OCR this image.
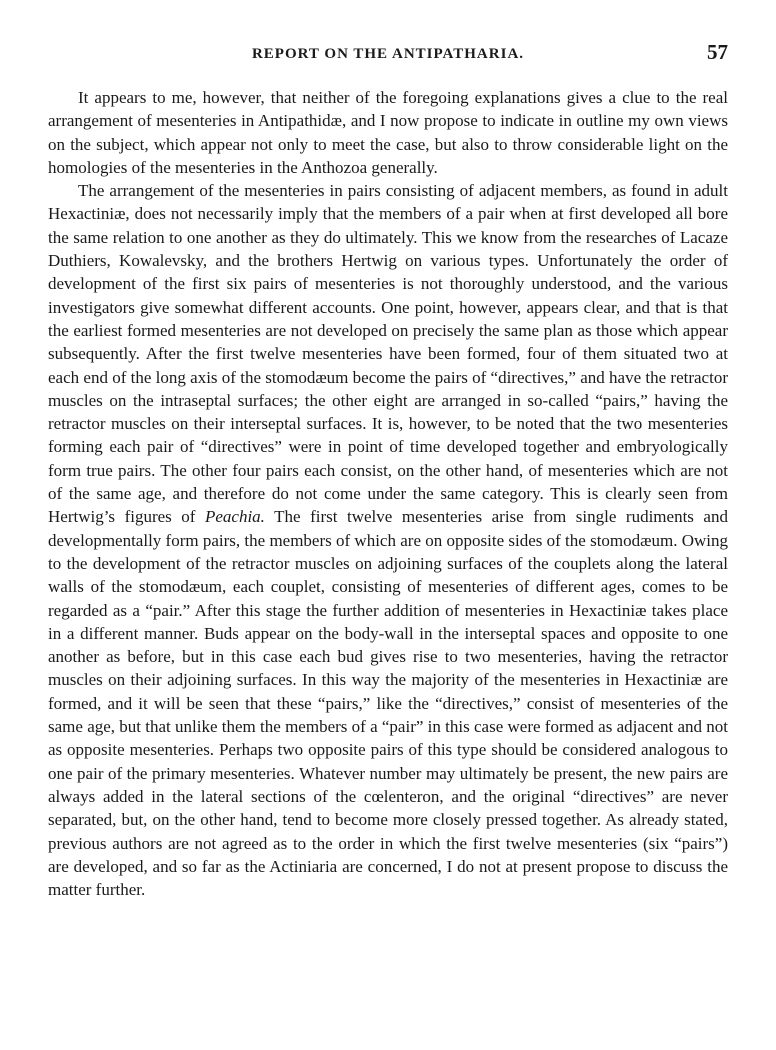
REPORT ON THE ANTIPATHARIA.	57

It appears to me, however, that neither of the foregoing explanations gives a clue to the real arrangement of mesenteries in Antipathidæ, and I now propose to indicate in outline my own views on the subject, which appear not only to meet the case, but also to throw considerable light on the homologies of the mesenteries in the Anthozoa generally.

The arrangement of the mesenteries in pairs consisting of adjacent members, as found in adult Hexactiniæ, does not necessarily imply that the members of a pair when at first developed all bore the same relation to one another as they do ultimately. This we know from the researches of Lacaze Duthiers, Kowalevsky, and the brothers Hertwig on various types. Unfortunately the order of development of the first six pairs of mesenteries is not thoroughly understood, and the various investigators give somewhat different accounts. One point, however, appears clear, and that is that the earliest formed mesenteries are not developed on precisely the same plan as those which appear subsequently. After the first twelve mesenteries have been formed, four of them situated two at each end of the long axis of the stomodæum become the pairs of “directives,” and have the retractor muscles on the intraseptal surfaces; the other eight are arranged in so-called “pairs,” having the retractor muscles on their interseptal surfaces. It is, however, to be noted that the two mesenteries forming each pair of “directives” were in point of time developed together and embryologically form true pairs. The other four pairs each consist, on the other hand, of mesenteries which are not of the same age, and therefore do not come under the same category. This is clearly seen from Hertwig’s figures of Peachia. The first twelve mesenteries arise from single rudiments and developmentally form pairs, the members of which are on opposite sides of the stomodæum. Owing to the development of the retractor muscles on adjoining surfaces of the couplets along the lateral walls of the stomodæum, each couplet, consisting of mesenteries of different ages, comes to be regarded as a “pair.” After this stage the further addition of mesenteries in Hexactiniæ takes place in a different manner. Buds appear on the body-wall in the interseptal spaces and opposite to one another as before, but in this case each bud gives rise to two mesenteries, having the retractor muscles on their adjoining surfaces. In this way the majority of the mesenteries in Hexactiniæ are formed, and it will be seen that these “pairs,” like the “directives,” consist of mesenteries of the same age, but that unlike them the members of a “pair” in this case were formed as adjacent and not as opposite mesenteries. Perhaps two opposite pairs of this type should be considered analogous to one pair of the primary mesenteries. Whatever number may ultimately be present, the new pairs are always added in the lateral sections of the cœlenteron, and the original “directives” are never separated, but, on the other hand, tend to become more closely pressed together. As already stated, previous authors are not agreed as to the order in which the first twelve mesenteries (six “pairs”) are developed, and so far as the Actiniaria are concerned, I do not at present propose to discuss the matter further.
